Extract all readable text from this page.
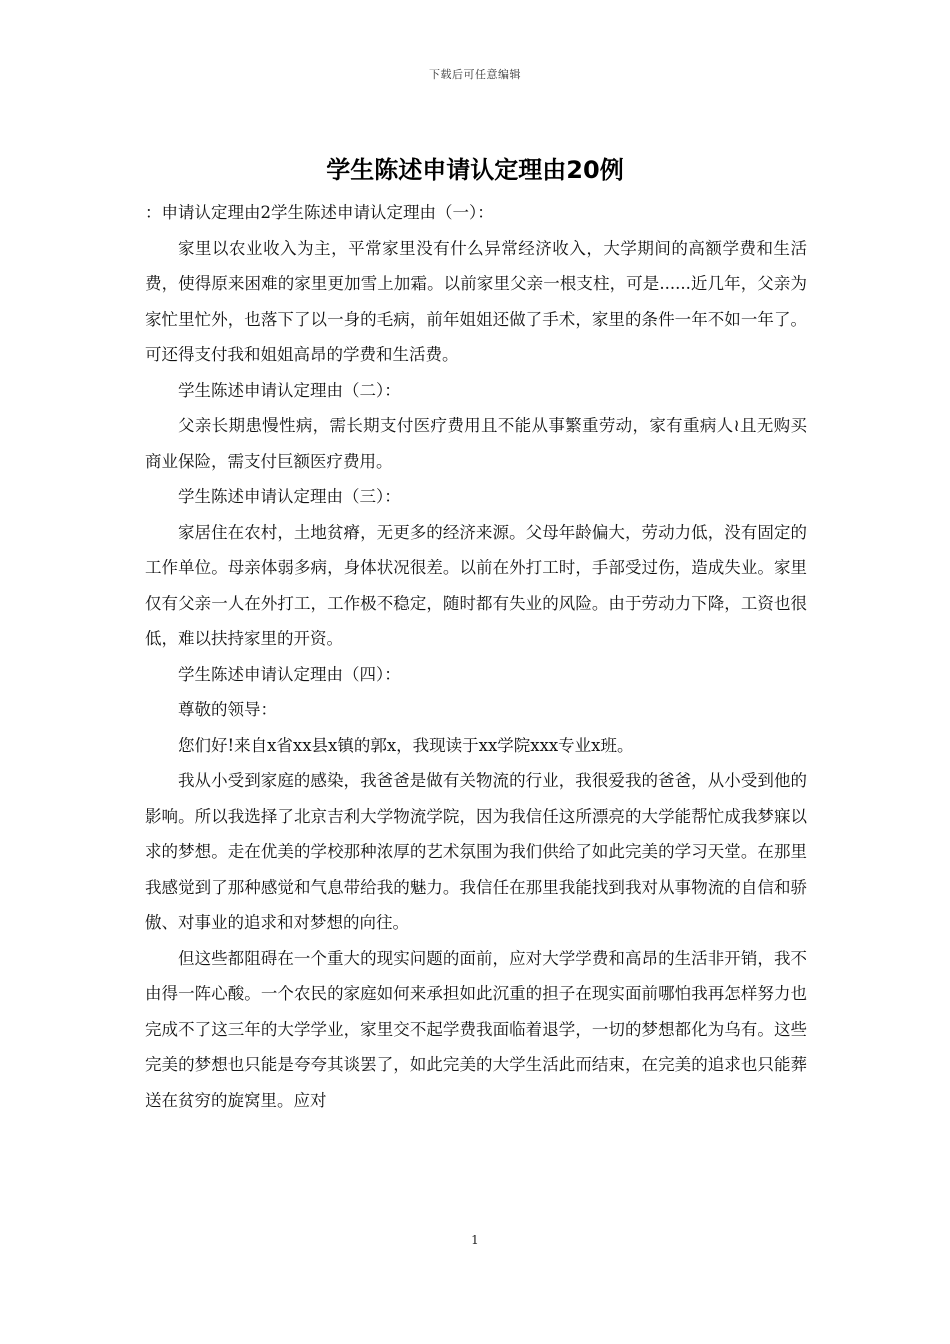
下载后可任意编辑
学生陈述申请认定理由20例

：申请认定理由2学生陈述申请认定理由（一）：

家里以农业收入为主，平常家里没有什么异常经济收入，大学期间的高额学费和生活费，使得原来困难的家里更加雪上加霜。以前家里父亲一根支柱，可是......近几年，父亲为家忙里忙外，也落下了以一身的毛病，前年姐姐还做了手术，家里的条件一年不如一年了。可还得支付我和姐姐高昂的学费和生活费。

学生陈述申请认定理由（二）：

父亲长期患慢性病，需长期支付医疗费用且不能从事繁重劳动，家有重病人≀且无购买商业保险，需支付巨额医疗费用。

学生陈述申请认定理由（三）：

家居住在农村，土地贫瘠，无更多的经济来源。父母年龄偏大，劳动力低，没有固定的工作单位。母亲体弱多病，身体状况很差。以前在外打工时，手部受过伤，造成失业。家里仅有父亲一人在外打工，工作极不稳定，随时都有失业的风险。由于劳动力下降，工资也很低，难以扶持家里的开资。

学生陈述申请认定理由（四）：

尊敬的领导：

您们好!来自x省xx县x镇的郭x，我现读于xx学院xxx专业x班。

我从小受到家庭的感染，我爸爸是做有关物流的行业，我很爱我的爸爸，从小受到他的影响。所以我选择了北京吉利大学物流学院，因为我信任这所漂亮的大学能帮忙成我梦寐以求的梦想。走在优美的学校那种浓厚的艺术氛围为我们供给了如此完美的学习天堂。在那里我感觉到了那种感觉和气息带给我的魅力。我信任在那里我能找到我对从事物流的自信和骄傲、对事业的追求和对梦想的向往。

但这些都阻碍在一个重大的现实问题的面前，应对大学学费和高昂的生活非开销，我不由得一阵心酸。一个农民的家庭如何来承担如此沉重的担子在现实面前哪怕我再怎样努力也完成不了这三年的大学学业，家里交不起学费我面临着退学，一切的梦想都化为乌有。这些完美的梦想也只能是夸夸其谈罢了，如此完美的大学生活此而结束，在完美的追求也只能葬送在贫穷的旋窝里。应对

1
